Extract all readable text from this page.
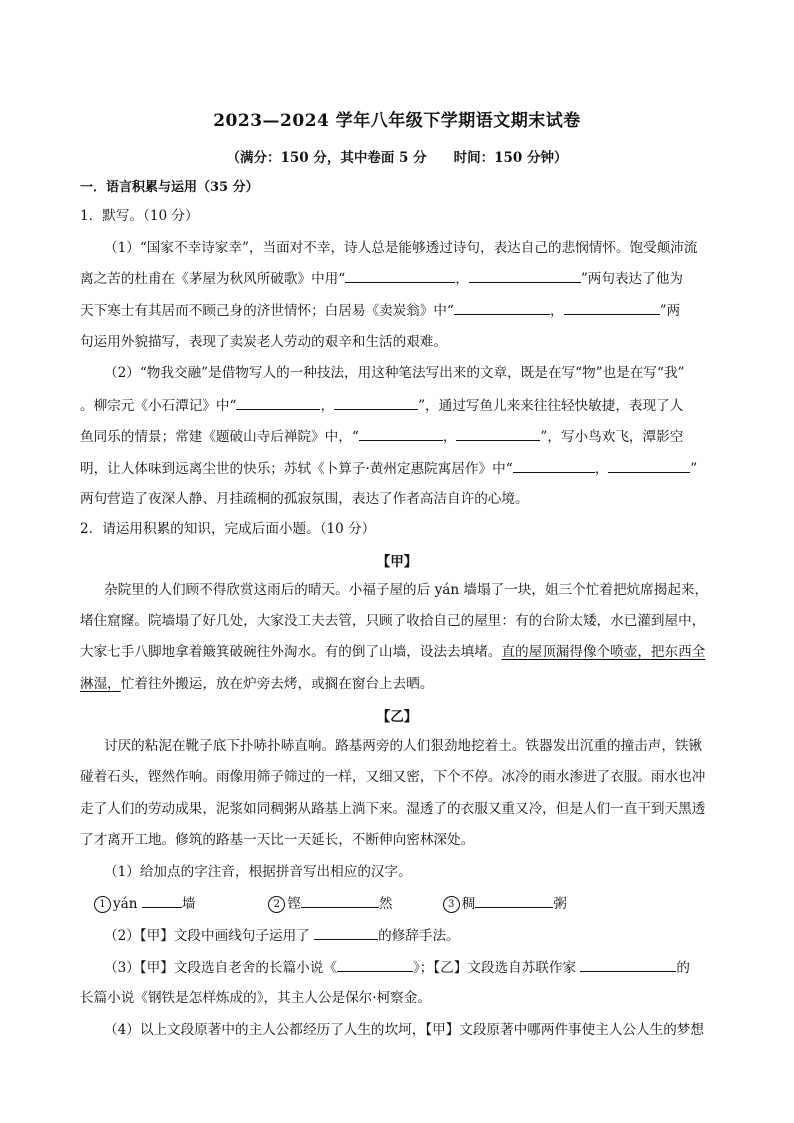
2023—2024 学年八年级下学期语文期末试卷
（满分：150 分，其中卷面 5 分　　时间：150 分钟）
一．语言积累与运用（35 分）
1．默写。（10 分）
（1）“国家不幸诗家幸”，当面对不幸，诗人总是能够透过诗句，表达自己的悲悯情怀。饱受颠沛流
离之苦的杜甫在《茅屋为秋风所破歌》中用“	，	”两句表达了他为
天下寒士有其居而不顾己身的济世情怀；白居易《卖炭翁》中“	，	”两
句运用外貌描写，表现了卖炭老人劳动的艰辛和生活的艰难。
（2）“物我交融”是借物写人的一种技法，用这种笔法写出来的文章，既是在写“物”也是在写“我”
。柳宗元《小石潭记》中“	，	”，通过写鱼儿来来往往轻快敏捷，表现了人
鱼同乐的情景；常建《题破山寺后禅院》中，“	，	”，写小鸟欢飞，潭影空
明，让人体味到远离尘世的快乐；苏轼《卜算子·黄州定惠院寓居作》中“	，	”
两句营造了夜深人静、月挂疏桐的孤寂氛围，表达了作者高洁自许的心境。
2．请运用积累的知识，完成后面小题。（10 分）
【甲】
杂院里的人们顾不得欣赏这雨后的晴天。小福子屋的后 yán 墙塌了一块，姐三个忙着把炕席揭起来，
堵住窟窿。院墙塌了好几处，大家没工夫去管，只顾了收拾自己的屋里：有的台阶太矮，水已灌到屋中，
大家七手八脚地拿着簸箕破碗往外淘水。有的倒了山墙，设法去填堵。直的屋顶漏得像个喷壶，把东西全
淋湿，忙着往外搬运，放在炉旁去烤，或搁在窗台上去晒。
【乙】
讨厌的粘泥在靴子底下扑哧扑哧直响。路基两旁的人们狠劲地挖着土。铁器发出沉重的撞击声，铁锹
碰着石头，铿然作响。雨像用筛子筛过的一样，又细又密，下个不停。冰冷的雨水渗进了衣服。雨水也冲
走了人们的劳动成果，泥浆如同稠粥从路基上淌下来。湿透了的衣服又重又冷，但是人们一直干到天黑透
了才离开工地。修筑的路基一天比一天延长，不断伸向密林深处。
（1）给加点的字注音，根据拼音写出相应的汉字。
1 yán	墙	2 铿	然	3 稠	粥
（2）【甲】文段中画线句子运用了	的修辞手法。
（3）【甲】文段选自老舍的长篇小说《	》；【乙】文段选自苏联作家	的
长篇小说《钢铁是怎样炼成的》，其主人公是保尔·柯察金。
（4）以上文段原著中的主人公都经历了人生的坎坷，【甲】文段原著中哪两件事使主人公人生的梦想
